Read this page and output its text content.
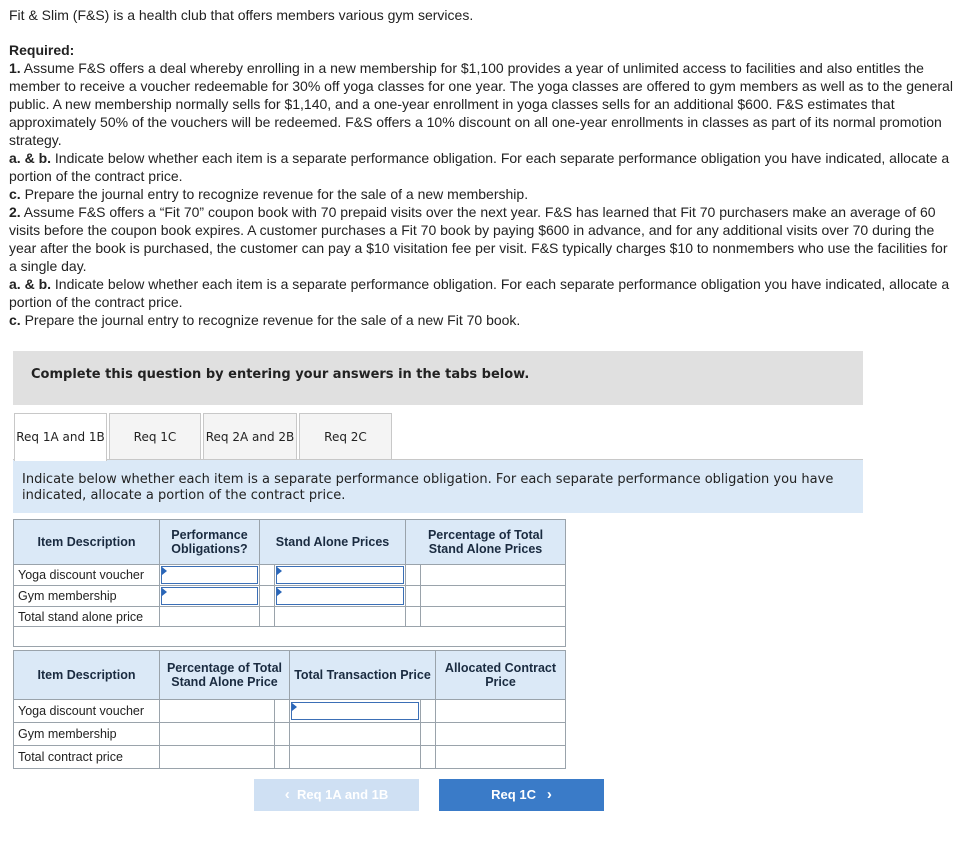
Fit & Slim (F&S) is a health club that offers members various gym services.

Required:

1. Assume F&S offers a deal whereby enrolling in a new membership for $1,100 provides a year of unlimited access to facilities and also entitles the member to receive a voucher redeemable for 30% off yoga classes for one year. The yoga classes are offered to gym members as well as to the general public. A new membership normally sells for $1,140, and a one-year enrollment in yoga classes sells for an additional $600. F&S estimates that approximately 50% of the vouchers will be redeemed. F&S offers a 10% discount on all one-year enrollments in classes as part of its normal promotion strategy.

a. & b. Indicate below whether each item is a separate performance obligation. For each separate performance obligation you have indicated, allocate a portion of the contract price.

c. Prepare the journal entry to recognize revenue for the sale of a new membership.

2. Assume F&S offers a “Fit 70” coupon book with 70 prepaid visits over the next year. F&S has learned that Fit 70 purchasers make an average of 60 visits before the coupon book expires. A customer purchases a Fit 70 book by paying $600 in advance, and for any additional visits over 70 during the year after the book is purchased, the customer can pay a $10 visitation fee per visit. F&S typically charges $10 to nonmembers who use the facilities for a single day.

a. & b. Indicate below whether each item is a separate performance obligation. For each separate performance obligation you have indicated, allocate a portion of the contract price.

c. Prepare the journal entry to recognize revenue for the sale of a new Fit 70 book.

Complete this question by entering your answers in the tabs below.
Req 1A and 1B	Req 1C	Req 2A and 2B	Req 2C
Indicate below whether each item is a separate performance obligation. For each separate performance obligation you have indicated, allocate a portion of the contract price.
Item Description	Performance Obligations?	Stand Alone Prices		Percentage of Total Stand Alone Prices	
Yoga discount voucher	

Gym membership	

Total stand alone price					

Item Description	Percentage of Total Stand Alone Price		Total Transaction Price		Allocated Contract Price
Yoga discount voucher			

Gym membership					
Total contract price					
‹ Req 1A and 1B	Req 1C ›
